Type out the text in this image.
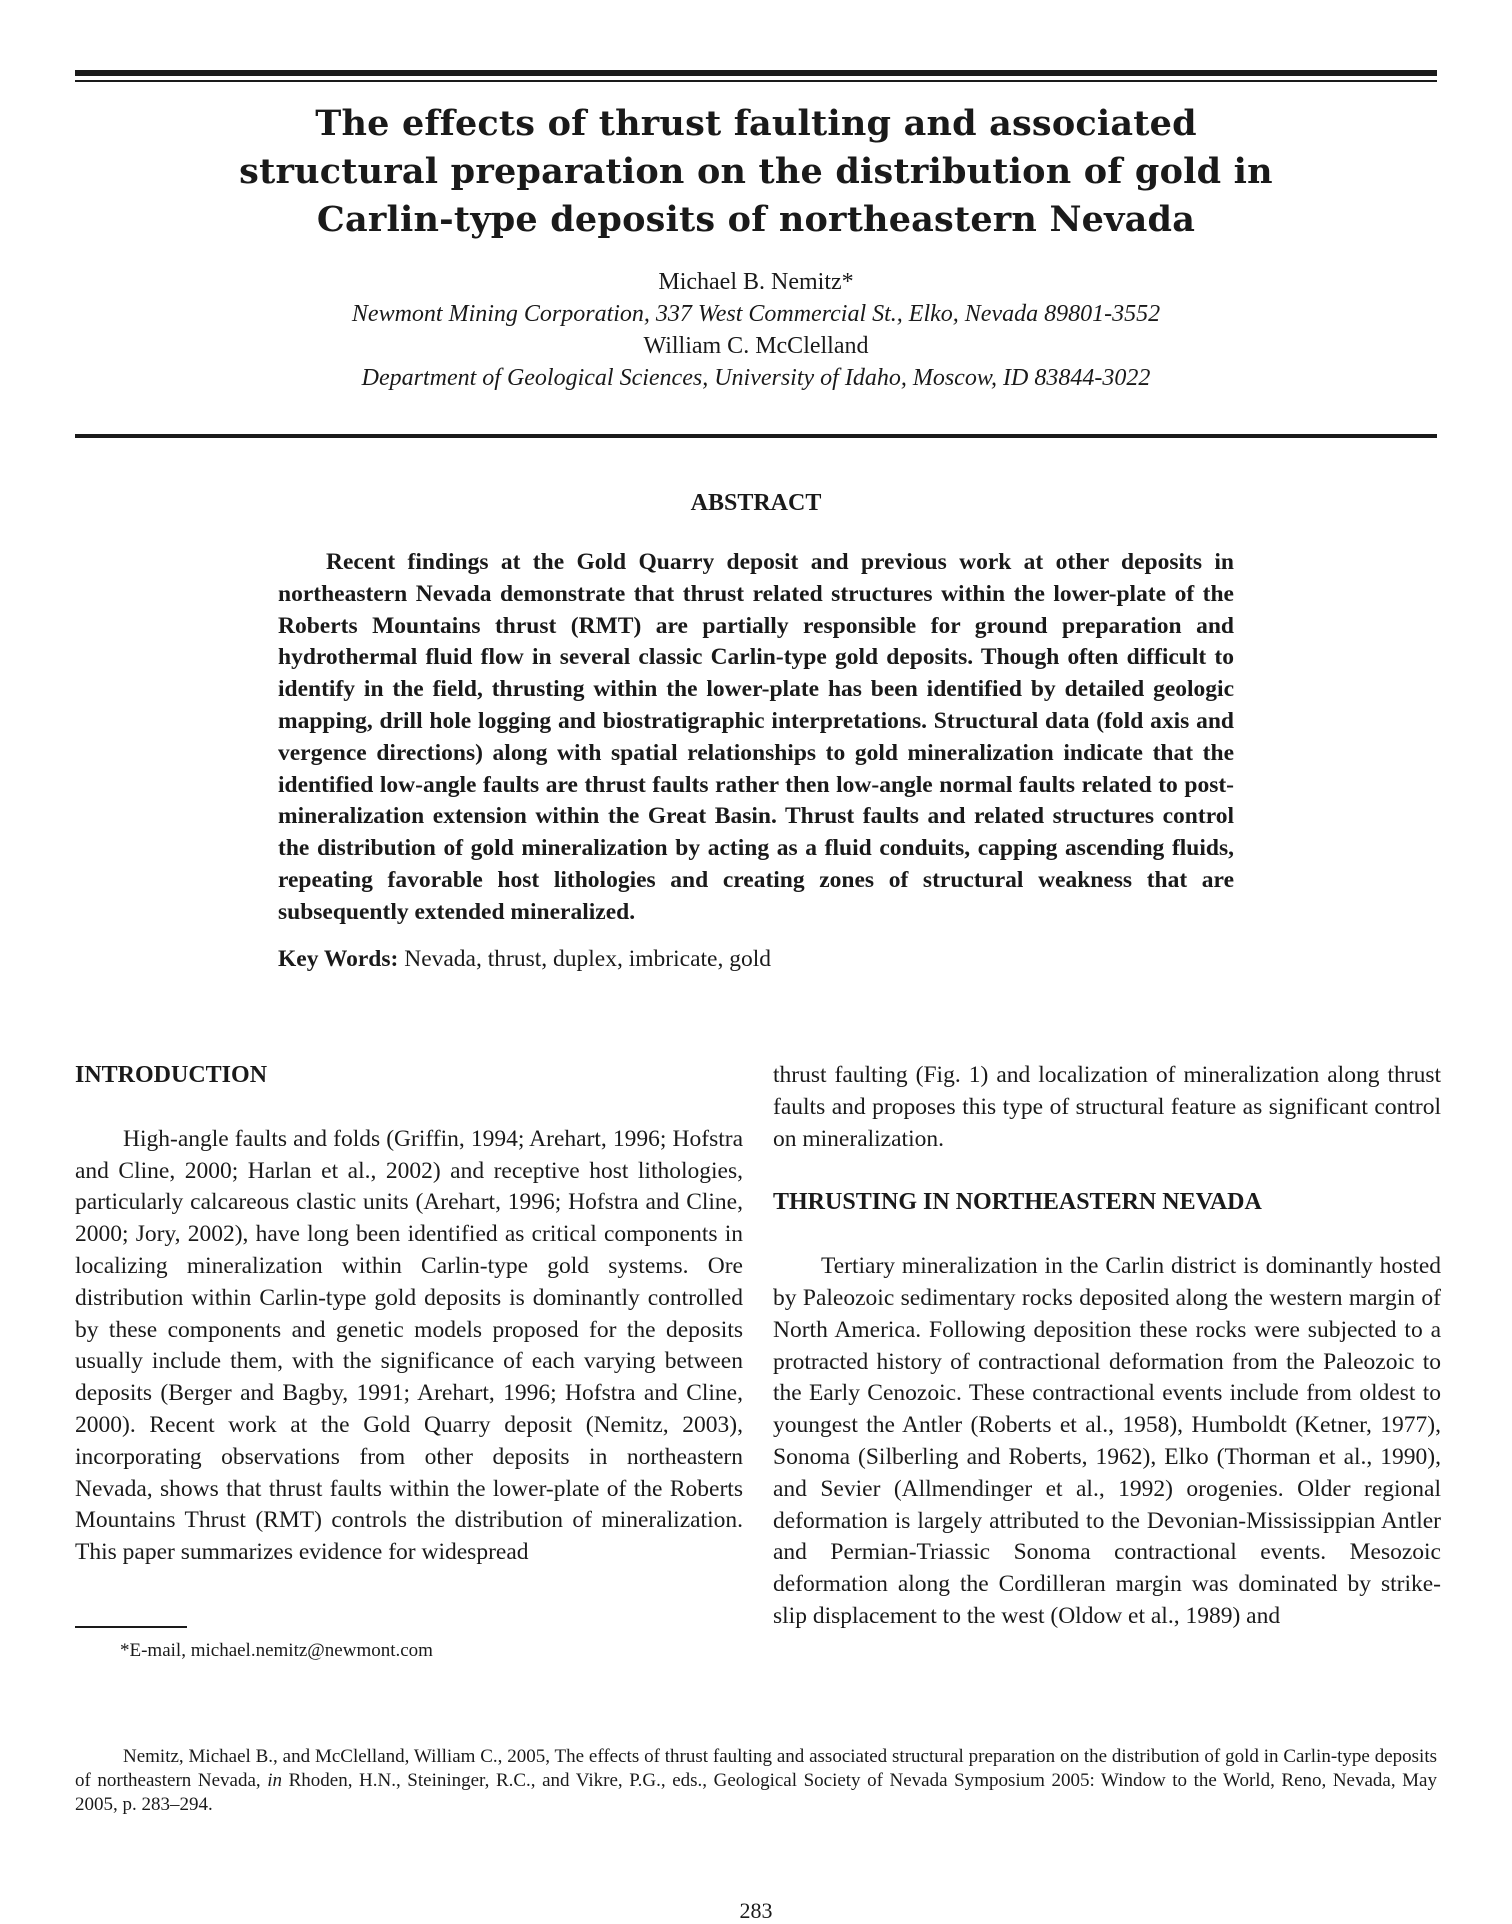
The effects of thrust faulting and associated
structural preparation on the distribution of gold in
Carlin-type deposits of northeastern Nevada
Michael B. Nemitz*
Newmont Mining Corporation, 337 West Commercial St., Elko, Nevada 89801-3552
William C. McClelland
Department of Geological Sciences, University of Idaho, Moscow, ID 83844-3022
ABSTRACT

Recent findings at the Gold Quarry deposit and previous work at other deposits in northeastern Nevada demonstrate that thrust related structures within the lower-plate of the Roberts Mountains thrust (RMT) are partially responsible for ground preparation and hydrothermal fluid flow in several classic Carlin-type gold deposits. Though often difficult to identify in the field, thrusting within the lower-plate has been identified by detailed geologic mapping, drill hole logging and biostratigraphic interpretations. Structural data (fold axis and vergence directions) along with spatial relationships to gold mineralization indicate that the identified low-angle faults are thrust faults rather then low-angle normal faults related to post-mineralization extension within the Great Basin. Thrust faults and related structures control the distribution of gold mineralization by acting as a fluid conduits, capping ascending fluids, repeating favorable host lithologies and creating zones of structural weakness that are subsequently extended mineralized.

Key Words: Nevada, thrust, duplex, imbricate, gold
INTRODUCTION

High-angle faults and folds (Griffin, 1994; Arehart, 1996; Hofstra and Cline, 2000; Harlan et al., 2002) and receptive host lithologies, particularly calcareous clastic units (Arehart, 1996; Hofstra and Cline, 2000; Jory, 2002), have long been identified as critical components in localizing mineralization within Carlin-type gold systems. Ore distribution within Carlin-type gold deposits is dominantly controlled by these components and genetic models proposed for the deposits usually include them, with the significance of each varying between deposits (Berger and Bagby, 1991; Arehart, 1996; Hofstra and Cline, 2000). Recent work at the Gold Quarry deposit (Nemitz, 2003), incorporating observations from other deposits in northeastern Nevada, shows that thrust faults within the lower-plate of the Roberts Mountains Thrust (RMT) controls the distribution of mineralization. This paper summarizes evidence for widespread

thrust faulting (Fig. 1) and localization of mineralization along thrust faults and proposes this type of structural feature as significant control on mineralization.

THRUSTING IN NORTHEASTERN NEVADA

Tertiary mineralization in the Carlin district is dominantly hosted by Paleozoic sedimentary rocks deposited along the western margin of North America. Following deposition these rocks were subjected to a protracted history of contractional deformation from the Paleozoic to the Early Cenozoic. These contractional events include from oldest to youngest the Antler (Roberts et al., 1958), Humboldt (Ketner, 1977), Sonoma (Silberling and Roberts, 1962), Elko (Thorman et al., 1990), and Sevier (Allmendinger et al., 1992) orogenies. Older regional deformation is largely attributed to the Devonian-Mississippian Antler and Permian-Triassic Sonoma contractional events. Mesozoic deformation along the Cordilleran margin was dominated by strike-slip displacement to the west (Oldow et al., 1989) and

*E-mail, michael.nemitz@newmont.com

Nemitz, Michael B., and McClelland, William C., 2005, The effects of thrust faulting and associated structural preparation on the distribution of gold in Carlin-type deposits of northeastern Nevada, in Rhoden, H.N., Steininger, R.C., and Vikre, P.G., eds., Geological Society of Nevada Symposium 2005: Window to the World, Reno, Nevada, May 2005, p. 283–294.

283
